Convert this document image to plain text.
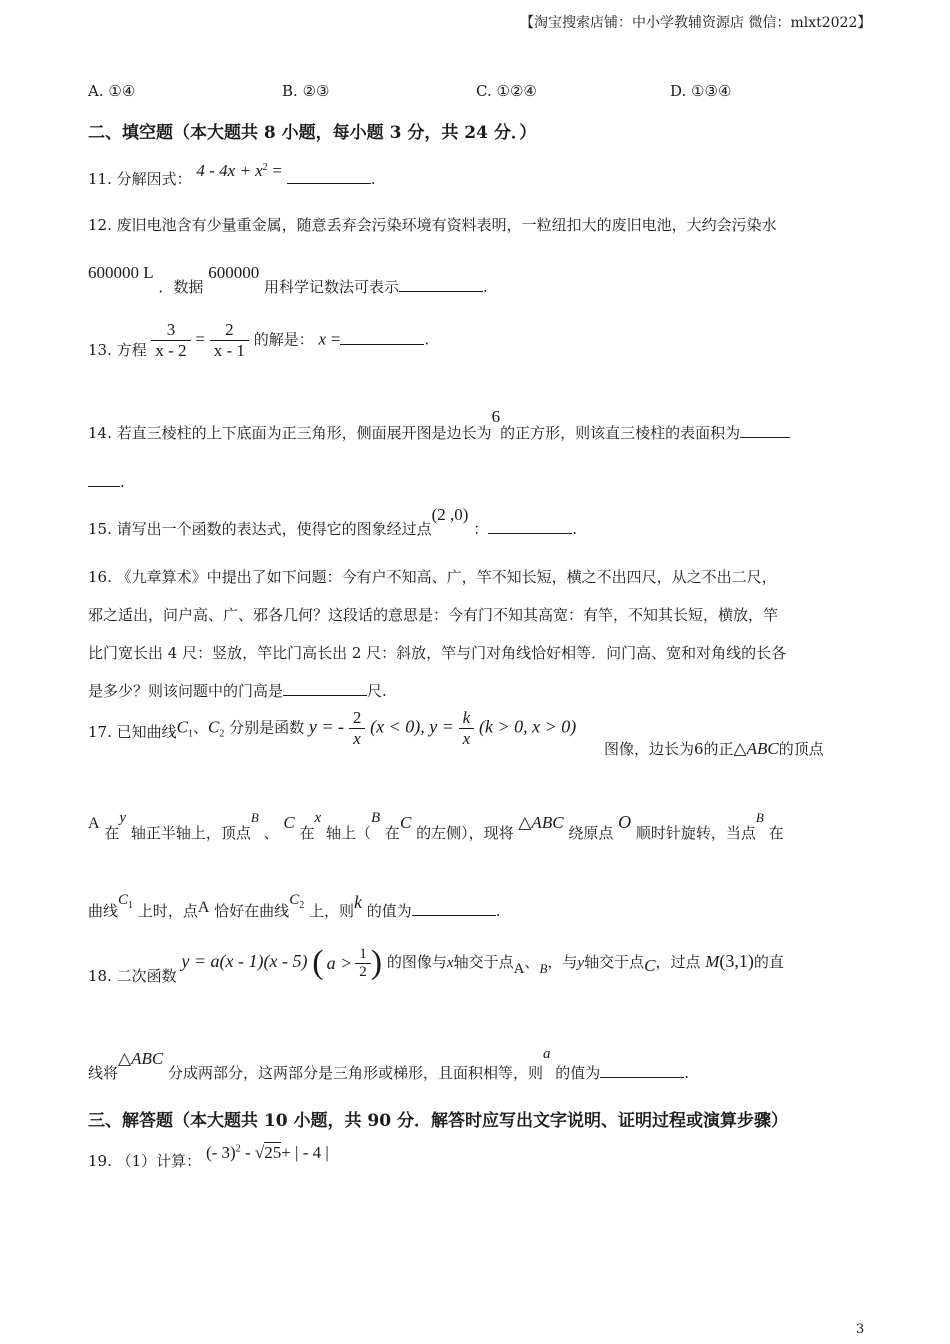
【淘宝搜索店铺：中小学教辅资源店 微信：mlxt2022】
A. ①④	B. ②③	C. ①②④	D. ①③④
二、填空题（本大题共 8 小题，每小题 3 分，共 24 分．）
11. 分解因式： $4 - 4x + x^2$ =	.
12. 废旧电池含有少量重金属，随意丢弃会污染环境有资料表明，一粒纽扣大的废旧电池，大约会污染水
600000 L ．数据 600000 用科学记数法可表示	.
13. 方程 $\frac{3}{x - 2} = \frac{2}{x - 1}$ 的解是： x =	.
14. 若直三棱柱的上下底面为正三角形，侧面展开图是边长为6的正方形，则该直三棱柱的表面积为
.
15. 请写出一个函数的表达式，使得它的图象经过点(2 ,0) ：	.
16. 《九章算术》中提出了如下问题：今有户不知高、广，竿不知长短，横之不出四尺，从之不出二尺，
邪之适出，问户高、广、邪各几何？这段话的意思是：今有门不知其高宽：有竿，不知其长短，横放，竿
比门宽长出 4 尺：竖放，竿比门高长出 2 尺：斜放，竿与门对角线恰好相等．问门高、宽和对角线的长各
是多少？则该问题中的门高是	尺.
17. 已知曲线$C_1$、$C_2$ 分别是函数 y = - $\frac{2}{x} (x < 0)$, $y = \frac{k}{x} (k > 0$, x > 0)
图像，边长为6的正△ABC的顶点
A 在$^y$ 轴正半轴上，顶点$^B$ 、 C 在$^x$ 轴上（$^B$ 在C 的左侧），现将 △ABC 绕原点 O 顺时针旋转，当点$^B$ 在
曲线$C_1$ 上时，点A 恰好在曲线$C_2$ 上，则k 的值为	.
18. 二次函数 y = a(x - 1)(x - 5) ( $a > \frac{1}{2}$ ) 的图像与x轴交于点A、B，与y轴交于点C，过点 M(3,1)的直
线将△ABC 分成两部分，这两部分是三角形或梯形，且面积相等，则$^a$ 的值为	.
三、解答题（本大题共 10 小题，共 90 分．解答时应写出文字说明、证明过程或演算步骤）
19. （1）计算： (- 3)$^2$ - √25+ | - 4 |
3
